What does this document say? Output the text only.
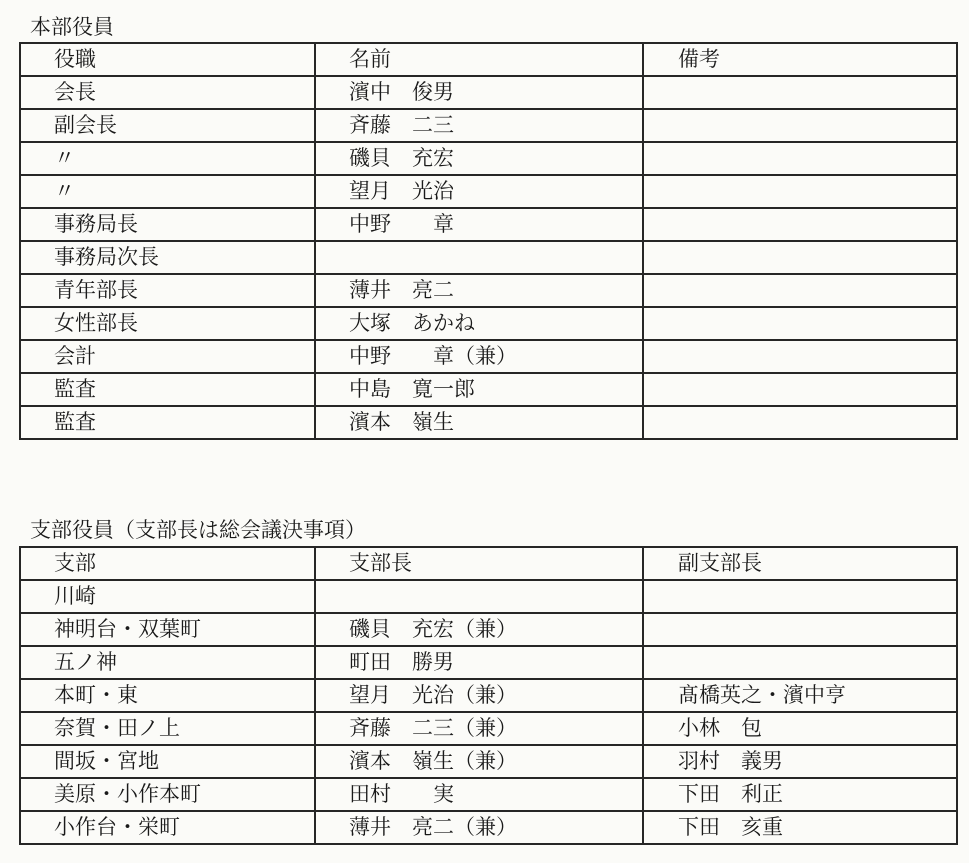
本部役員
役職	名前	備考
会長	濱中　俊男	
副会長	斉藤　二三	
〃	磯貝　充宏	
〃	望月　光治	
事務局長	中野　　章	
事務局次長		
青年部長	薄井　亮二	
女性部長	大塚　あかね	
会計	中野　　章（兼）	
監査	中島　寛一郎	
監査	濱本　嶺生	
支部役員（支部長は総会議決事項）
支部	支部長	副支部長
川崎		
神明台・双葉町	磯貝　充宏（兼）	
五ノ神	町田　勝男	
本町・東	望月　光治（兼）	髙橋英之・濱中亨
奈賀・田ノ上	斉藤　二三（兼）	小林　包
間坂・宮地	濱本　嶺生（兼）	羽村　義男
美原・小作本町	田村　　実	下田　利正
小作台・栄町	薄井　亮二（兼）	下田　亥重
